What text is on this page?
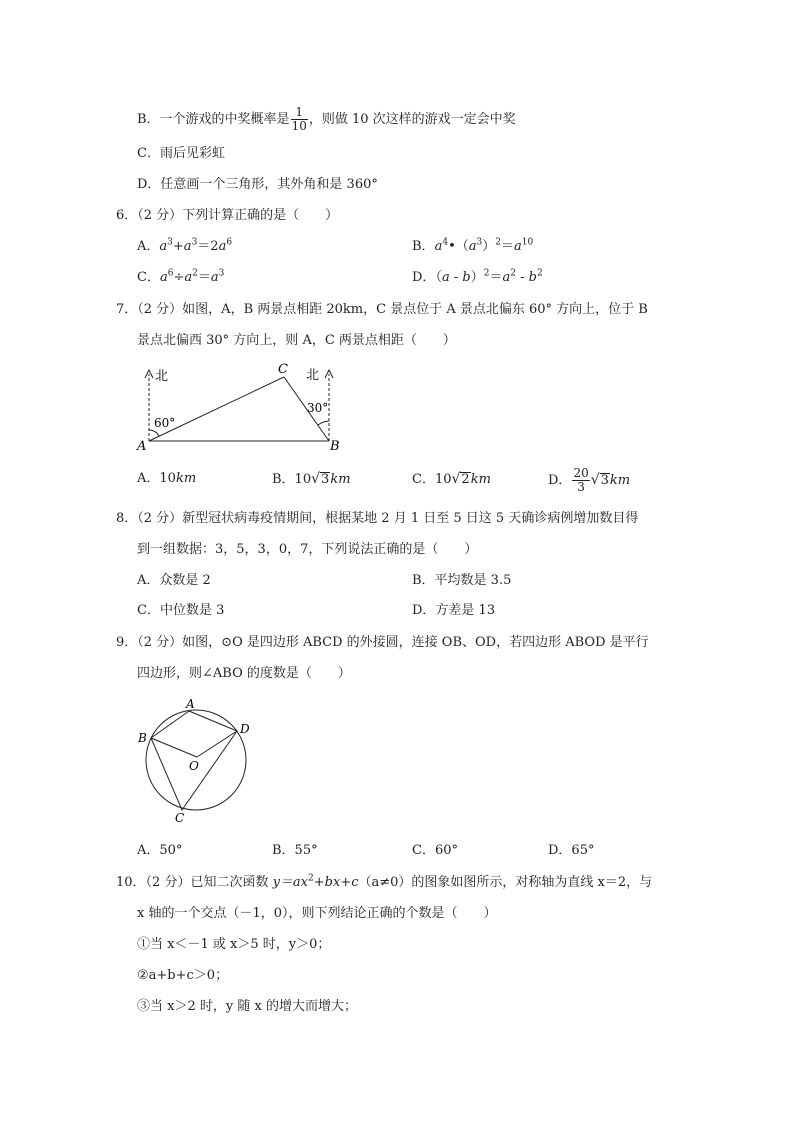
B．一个游戏的中奖概率是 $\frac{1}{10}$ ，则做 10 次这样的游戏一定会中奖
C．雨后见彩虹
D．任意画一个三角形，其外角和是 360°
6．（2 分）下列计算正确的是（　　）
A．$a^3+a^3=2a^6$	B．$a^4•(a^3)^2=a^{10}$
C．$a^6\div a^2=a^3$	D．$(a - b)^2=a^2 - b^2$
7．（2 分）如图，A，B 两景点相距 20km，C 景点位于 A 景点北偏东 60° 方向上，位于 B
景点北偏西 30° 方向上，则 A，C 两景点相距（　　）
北	北
60°
30°
A	B
C
A．10km	B．10√3km	C．10√2km	D． $\frac{20}{3} √3km$
8．（2 分）新型冠状病毒疫情期间，根据某地 2 月 1 日至 5 日这 5 天确诊病例增加数目得
到一组数据：3，5，3，0，7，下列说法正确的是（　　）
A．众数是 2	B．平均数是 3.5
C．中位数是 3	D．方差是 13
9．（2 分）如图，⊙O 是四边形 ABCD 的外接圆，连接 OB、OD，若四边形 ABOD 是平行
四边形，则∠ABO 的度数是（　　）
A
B
C
D
O
A．50°	B．55°	C．60°	D．65°
10．（2 分）已知二次函数 $y=ax^2+bx+c(a\ne 0)$的图象如图所示，对称轴为直线 x＝2，与
x 轴的一个交点（－1，0），则下列结论正确的个数是（　　）
①当 x＜－1 或 x＞5 时，y＞0；
②a+b+c＞0；
③当 x＞2 时，y 随 x 的增大而增大；
